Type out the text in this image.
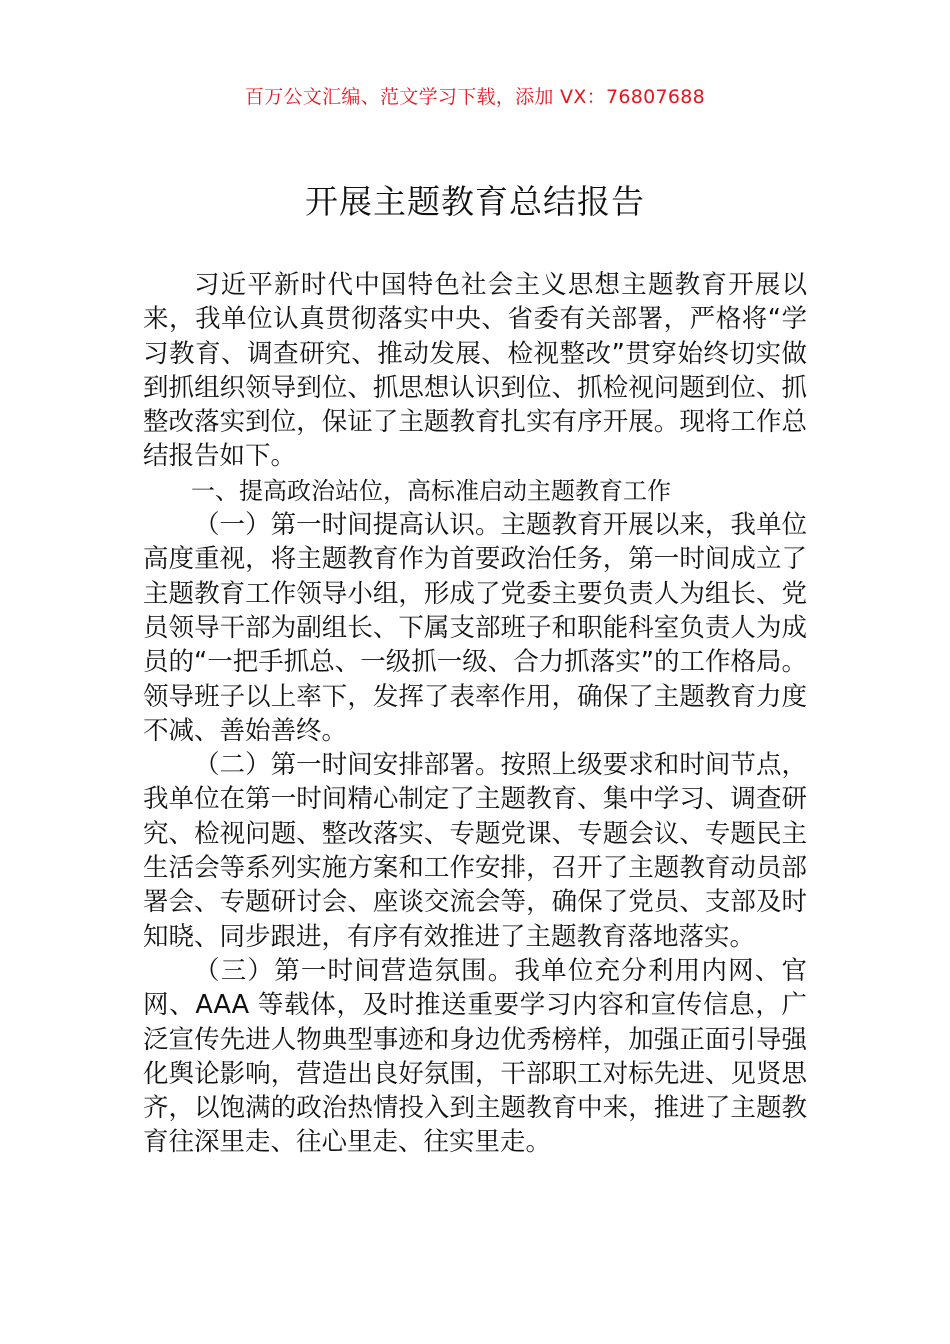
百万公文汇编、范文学习下载，添加 VX：76807688
开展主题教育总结报告

习近平新时代中国特色社会主义思想主题教育开展以来，我单位认真贯彻落实中央、省委有关部署，严格将“学习教育、调查研究、推动发展、检视整改”贯穿始终切实做到抓组织领导到位、抓思想认识到位、抓检视问题到位、抓整改落实到位，保证了主题教育扎实有序开展。现将工作总结报告如下。

一、提高政治站位，高标准启动主题教育工作

（一）第一时间提高认识。主题教育开展以来，我单位高度重视，将主题教育作为首要政治任务，第一时间成立了主题教育工作领导小组，形成了党委主要负责人为组长、党员领导干部为副组长、下属支部班子和职能科室负责人为成员的“一把手抓总、一级抓一级、合力抓落实”的工作格局。领导班子以上率下，发挥了表率作用，确保了主题教育力度不减、善始善终。

（二）第一时间安排部署。按照上级要求和时间节点，我单位在第一时间精心制定了主题教育、集中学习、调查研究、检视问题、整改落实、专题党课、专题会议、专题民主生活会等系列实施方案和工作安排，召开了主题教育动员部署会、专题研讨会、座谈交流会等，确保了党员、支部及时知晓、同步跟进，有序有效推进了主题教育落地落实。

（三）第一时间营造氛围。我单位充分利用内网、官网、AAA 等载体，及时推送重要学习内容和宣传信息，广泛宣传先进人物典型事迹和身边优秀榜样，加强正面引导强化舆论影响，营造出良好氛围，干部职工对标先进、见贤思齐，以饱满的政治热情投入到主题教育中来，推进了主题教育往深里走、往心里走、往实里走。
